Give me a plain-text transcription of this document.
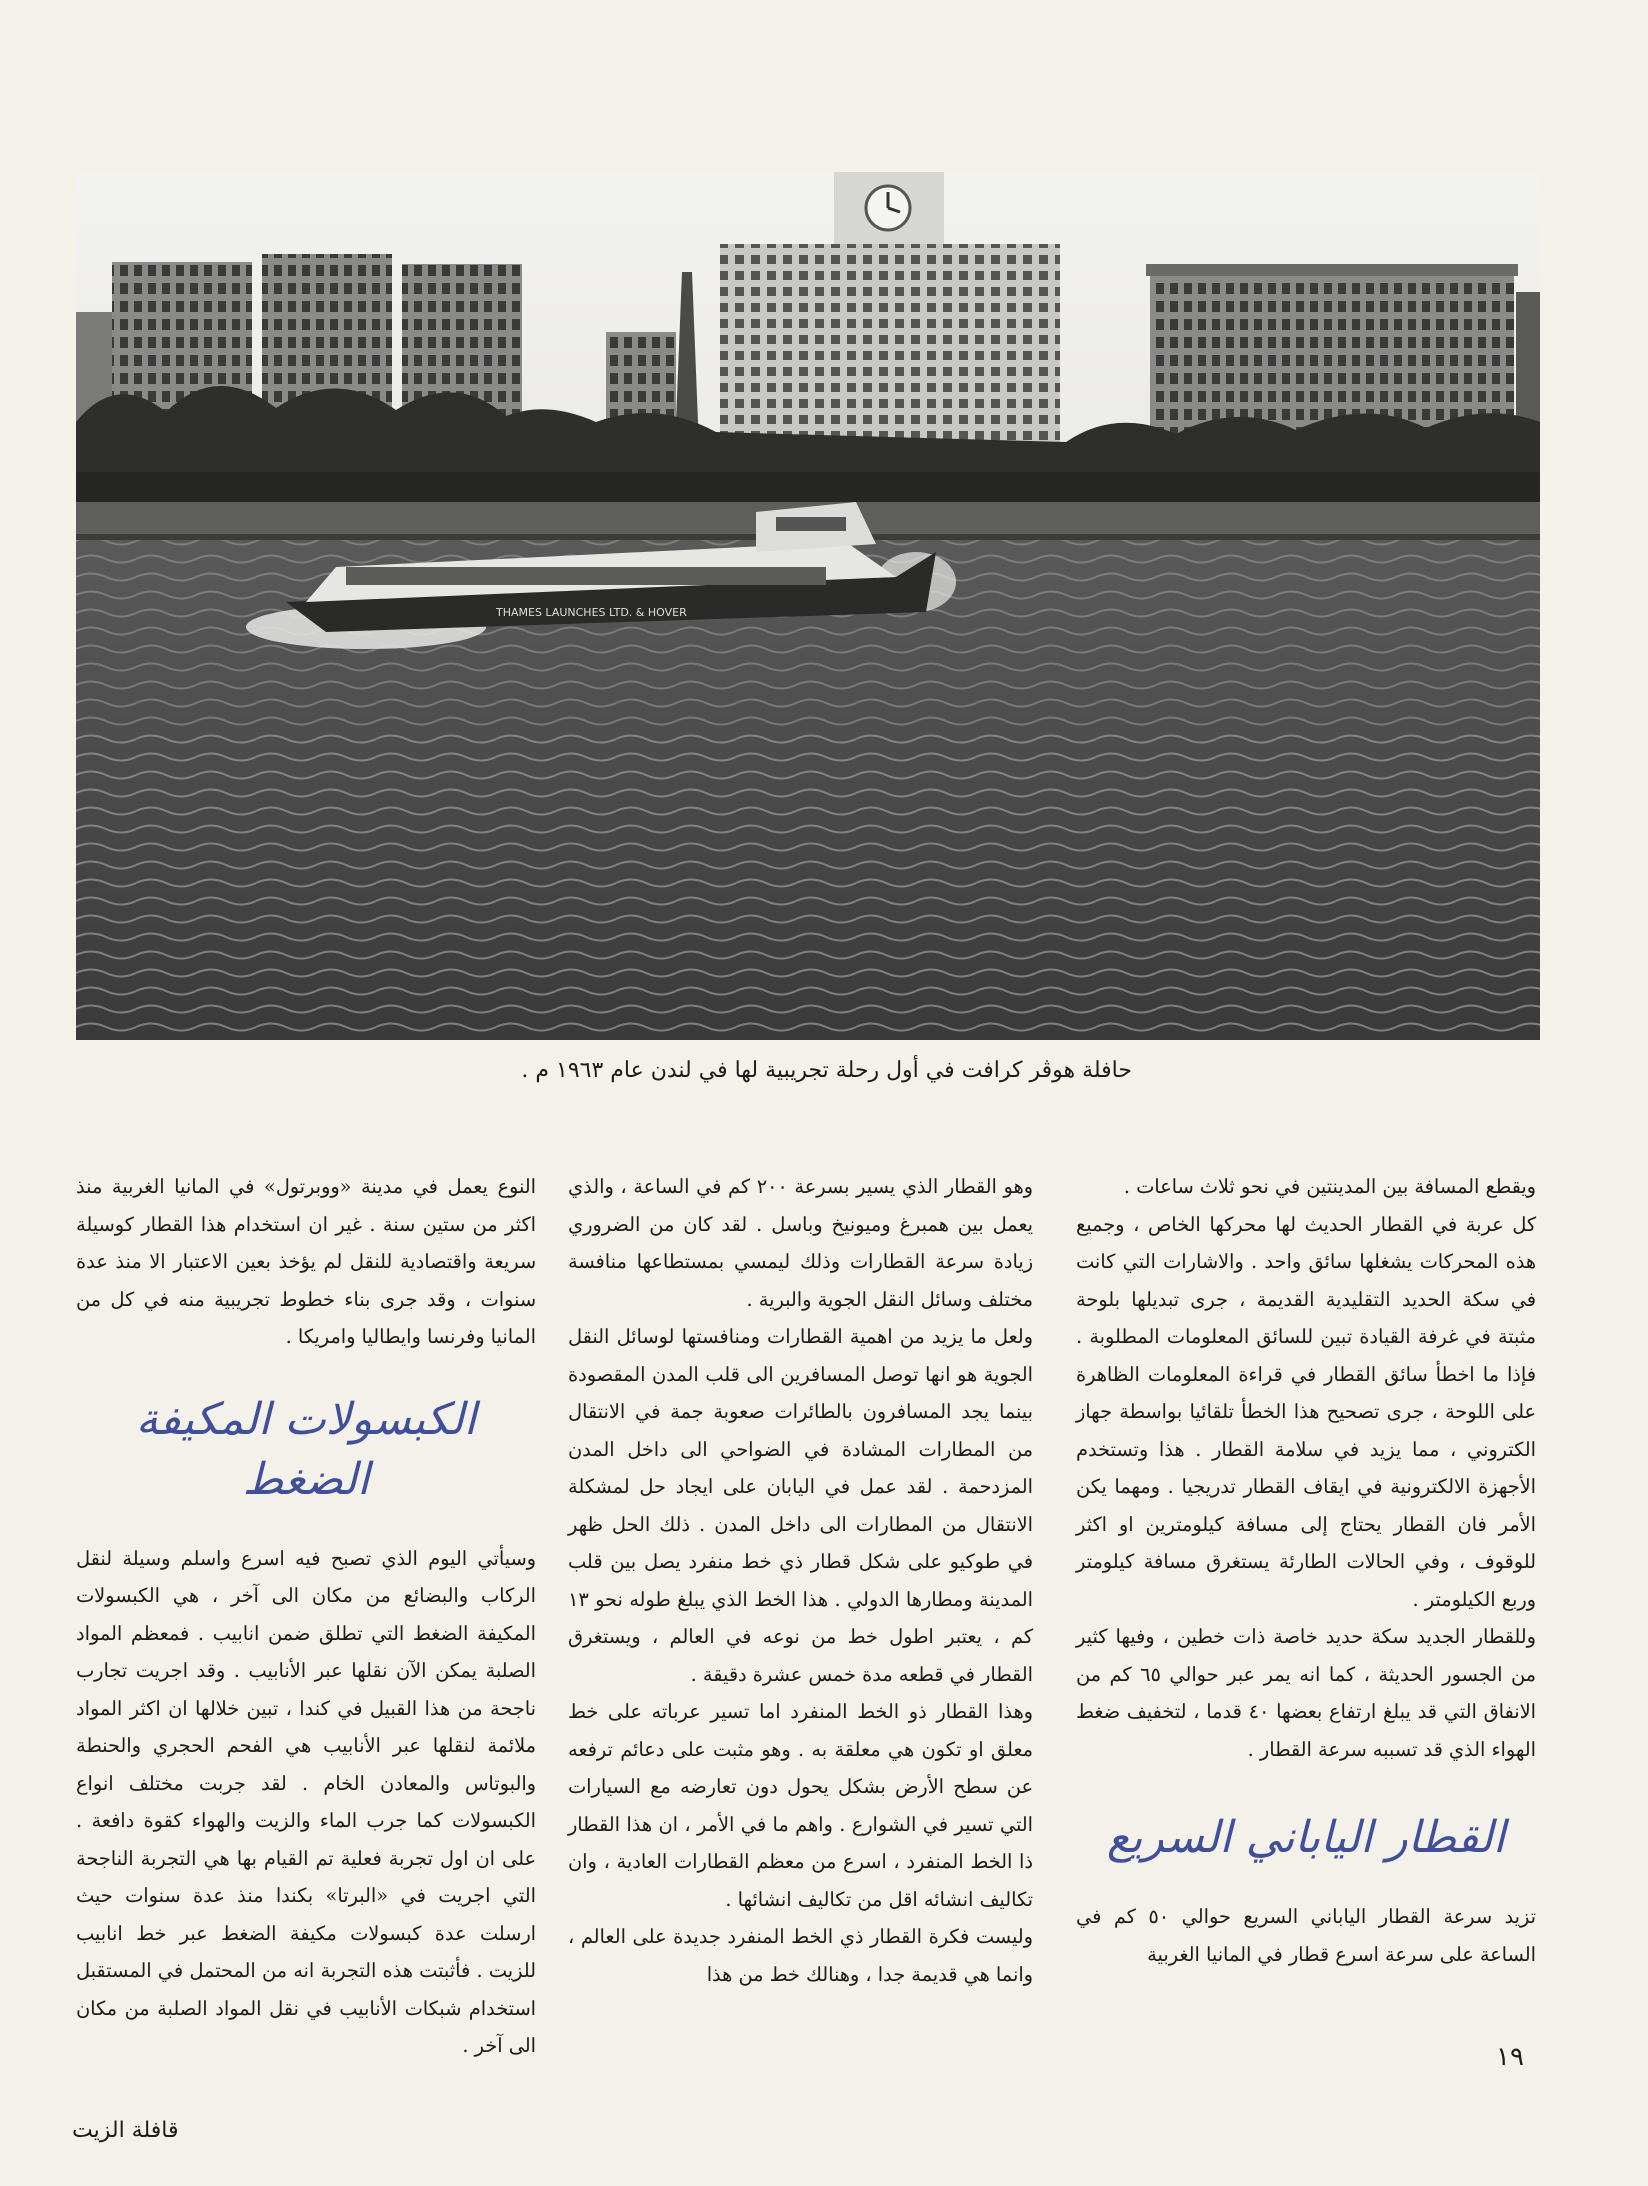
THAMES LAUNCHES LTD. & HOVER
حافلة هوڤر كرافت في أول رحلة تجريبية لها في لندن عام ١٩٦٣ م .

ويقطع المسافة بين المدينتين في نحو ثلاث ساعات .

كل عربة في القطار الحديث لها محركها الخاص ، وجميع هذه المحركات يشغلها سائق واحد . والاشارات التي كانت في سكة الحديد التقليدية القديمة ، جرى تبديلها بلوحة مثبتة في غرفة القيادة تبين للسائق المعلومات المطلوبة . فإذا ما اخطأ سائق القطار في قراءة المعلومات الظاهرة على اللوحة ، جرى تصحيح هذا الخطأ تلقائيا بواسطة جهاز الكتروني ، مما يزيد في سلامة القطار . هذا وتستخدم الأجهزة الالكترونية في ايقاف القطار تدريجيا . ومهما يكن الأمر فان القطار يحتاج إلى مسافة كيلومترين او اكثر للوقوف ، وفي الحالات الطارئة يستغرق مسافة كيلومتر وربع الكيلومتر .

وللقطار الجديد سكة حديد خاصة ذات خطين ، وفيها كثير من الجسور الحديثة ، كما انه يمر عبر حوالي ٦٥ كم من الانفاق التي قد يبلغ ارتفاع بعضها ٤٠ قدما ، لتخفيف ضغط الهواء الذي قد تسببه سرعة القطار .

القطار الياباني السريع

تزيد سرعة القطار الياباني السريع حوالي ٥٠ كم في الساعة على سرعة اسرع قطار في المانيا الغربية

وهو القطار الذي يسير بسرعة ٢٠٠ كم في الساعة ، والذي يعمل بين همبرغ وميونيخ وباسل . لقد كان من الضروري زيادة سرعة القطارات وذلك ليمسي بمستطاعها منافسة مختلف وسائل النقل الجوية والبرية .

ولعل ما يزيد من اهمية القطارات ومنافستها لوسائل النقل الجوية هو انها توصل المسافرين الى قلب المدن المقصودة بينما يجد المسافرون بالطائرات صعوبة جمة في الانتقال من المطارات المشادة في الضواحي الى داخل المدن المزدحمة . لقد عمل في اليابان على ايجاد حل لمشكلة الانتقال من المطارات الى داخل المدن . ذلك الحل ظهر في طوكيو على شكل قطار ذي خط منفرد يصل بين قلب المدينة ومطارها الدولي . هذا الخط الذي يبلغ طوله نحو ١٣ كم ، يعتبر اطول خط من نوعه في العالم ، ويستغرق القطار في قطعه مدة خمس عشرة دقيقة .

وهذا القطار ذو الخط المنفرد اما تسير عرباته على خط معلق او تكون هي معلقة به . وهو مثبت على دعائم ترفعه عن سطح الأرض بشكل يحول دون تعارضه مع السيارات التي تسير في الشوارع . واهم ما في الأمر ، ان هذا القطار ذا الخط المنفرد ، اسرع من معظم القطارات العادية ، وان تكاليف انشائه اقل من تكاليف انشائها .

وليست فكرة القطار ذي الخط المنفرد جديدة على العالم ، وانما هي قديمة جدا ، وهنالك خط من هذا

النوع يعمل في مدينة «ووبرتول» في المانيا الغربية منذ اكثر من ستين سنة . غير ان استخدام هذا القطار كوسيلة سريعة واقتصادية للنقل لم يؤخذ بعين الاعتبار الا منذ عدة سنوات ، وقد جرى بناء خطوط تجريبية منه في كل من المانيا وفرنسا وايطاليا وامريكا .

الكبسولات المكيفة الضغط

وسيأتي اليوم الذي تصبح فيه اسرع واسلم وسيلة لنقل الركاب والبضائع من مكان الى آخر ، هي الكبسولات المكيفة الضغط التي تطلق ضمن انابيب . فمعظم المواد الصلبة يمكن الآن نقلها عبر الأنابيب . وقد اجريت تجارب ناجحة من هذا القبيل في كندا ، تبين خلالها ان اكثر المواد ملائمة لنقلها عبر الأنابيب هي الفحم الحجري والحنطة والبوتاس والمعادن الخام . لقد جربت مختلف انواع الكبسولات كما جرب الماء والزيت والهواء كقوة دافعة . على ان اول تجربة فعلية تم القيام بها هي التجربة الناجحة التي اجريت في «البرتا» بكندا منذ عدة سنوات حيث ارسلت عدة كبسولات مكيفة الضغط عبر خط انابيب للزيت . فأثبتت هذه التجربة انه من المحتمل في المستقبل استخدام شبكات الأنابيب في نقل المواد الصلبة من مكان الى آخر .	١٩
قافلة الزيت
